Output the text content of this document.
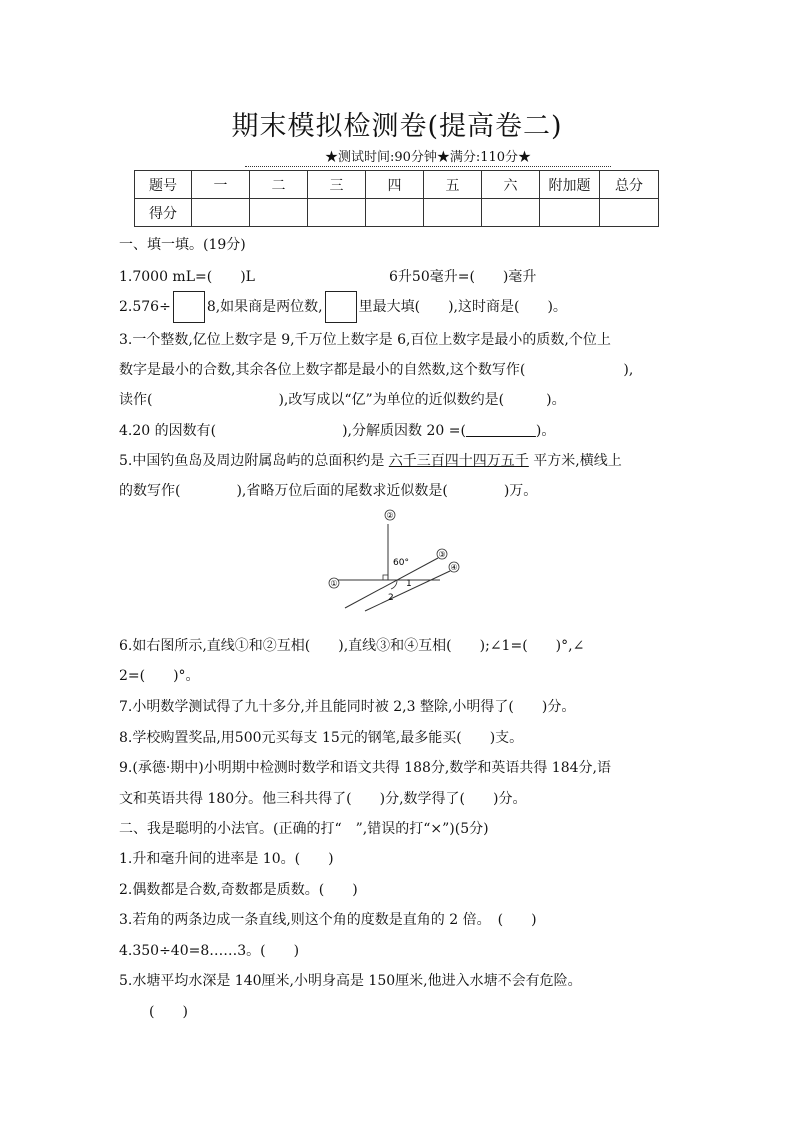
期末模拟检测卷(提高卷二)
★测试时间:90分钟★满分:110分★
题号	一	二	三	四	五	六	附加题	总分
得分								
一、填一填。(19分)
1.7000 mL=(　　)L	6升50毫升=(　　)毫升
2.576÷	8,如果商是两位数,	里最大填(　　),这时商是(　　)。
3.一个整数,亿位上数字是 9,千万位上数字是 6,百位上数字是最小的质数,个位上
数字是最小的合数,其余各位上数字都是最小的自然数,这个数写作(　　　　　　　),
读作(　　　　　　　　　),改写成以“亿”为单位的近似数约是(　　　)。
4.20 的因数有(　　　　　　　　　),分解质因数 20 =(　　　　　	)。
5.中国钓鱼岛及周边附属岛屿的总面积约是 六千三百四十四万五千 平方米,横线上
的数写作(　　　　),省略万位后面的尾数求近似数是(　　　　)万。
②
③
④
①
60°
1
2
6.如右图所示,直线①和②互相(　　),直线③和④互相(　　);∠1=(　　)°,∠
2=(　　)°。
7.小明数学测试得了九十多分,并且能同时被 2,3 整除,小明得了(　　)分。
8.学校购置奖品,用500元买每支 15元的钢笔,最多能买(　　)支。
9.(承德·期中)小明期中检测时数学和语文共得 188分,数学和英语共得 184分,语
文和英语共得 180分。他三科共得了(　　)分,数学得了(　　)分。
二、我是聪明的小法官。(正确的打“　”,错误的打“×”)(5分)
1.升和毫升间的进率是 10。(　　)
2.偶数都是合数,奇数都是质数。(　　)
3.若角的两条边成一条直线,则这个角的度数是直角的 2 倍。　(　　)
4.350÷40=8……3。(　　)
5.水塘平均水深是 140厘米,小明身高是 150厘米,他进入水塘不会有危险。
(　　)
